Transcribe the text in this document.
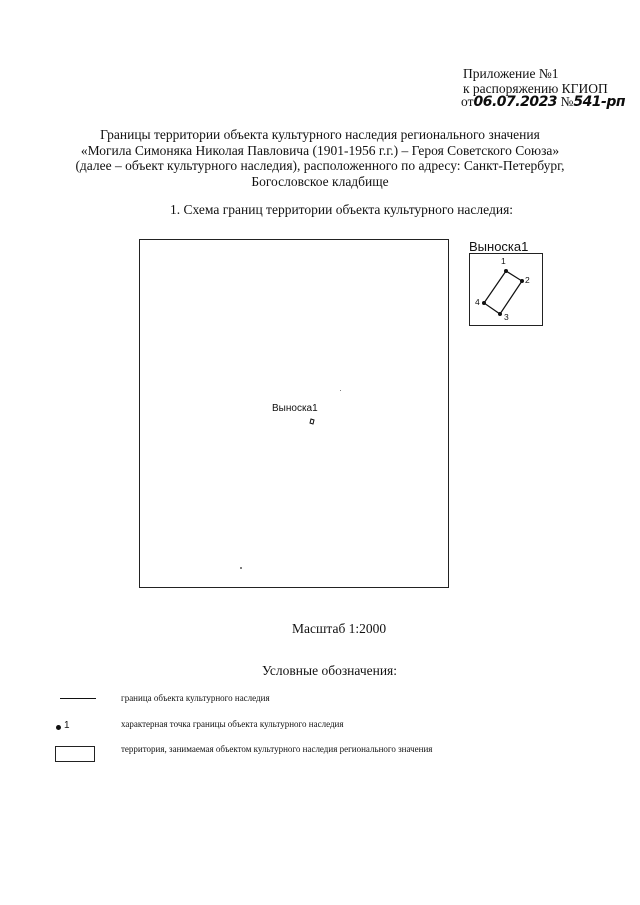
Приложение №1
к распоряжению КГИОП
от06.07.2023 №541-рп
Границы территории объекта культурного наследия регионального значения
«Могила Симоняка Николая Павловича (1901-1956 г.г.) – Героя Советского Союза»
(далее – объект культурного наследия), расположенного по адресу: Санкт-Петербург,
Богословское кладбище
1. Схема границ территории объекта культурного наследия:
Выноска1
Выноска1
1
2
3
4
Масштаб 1:2000
Условные обозначения:
граница объекта культурного наследия
1	характерная точка границы объекта культурного наследия
территория, занимаемая объектом культурного наследия регионального значения
